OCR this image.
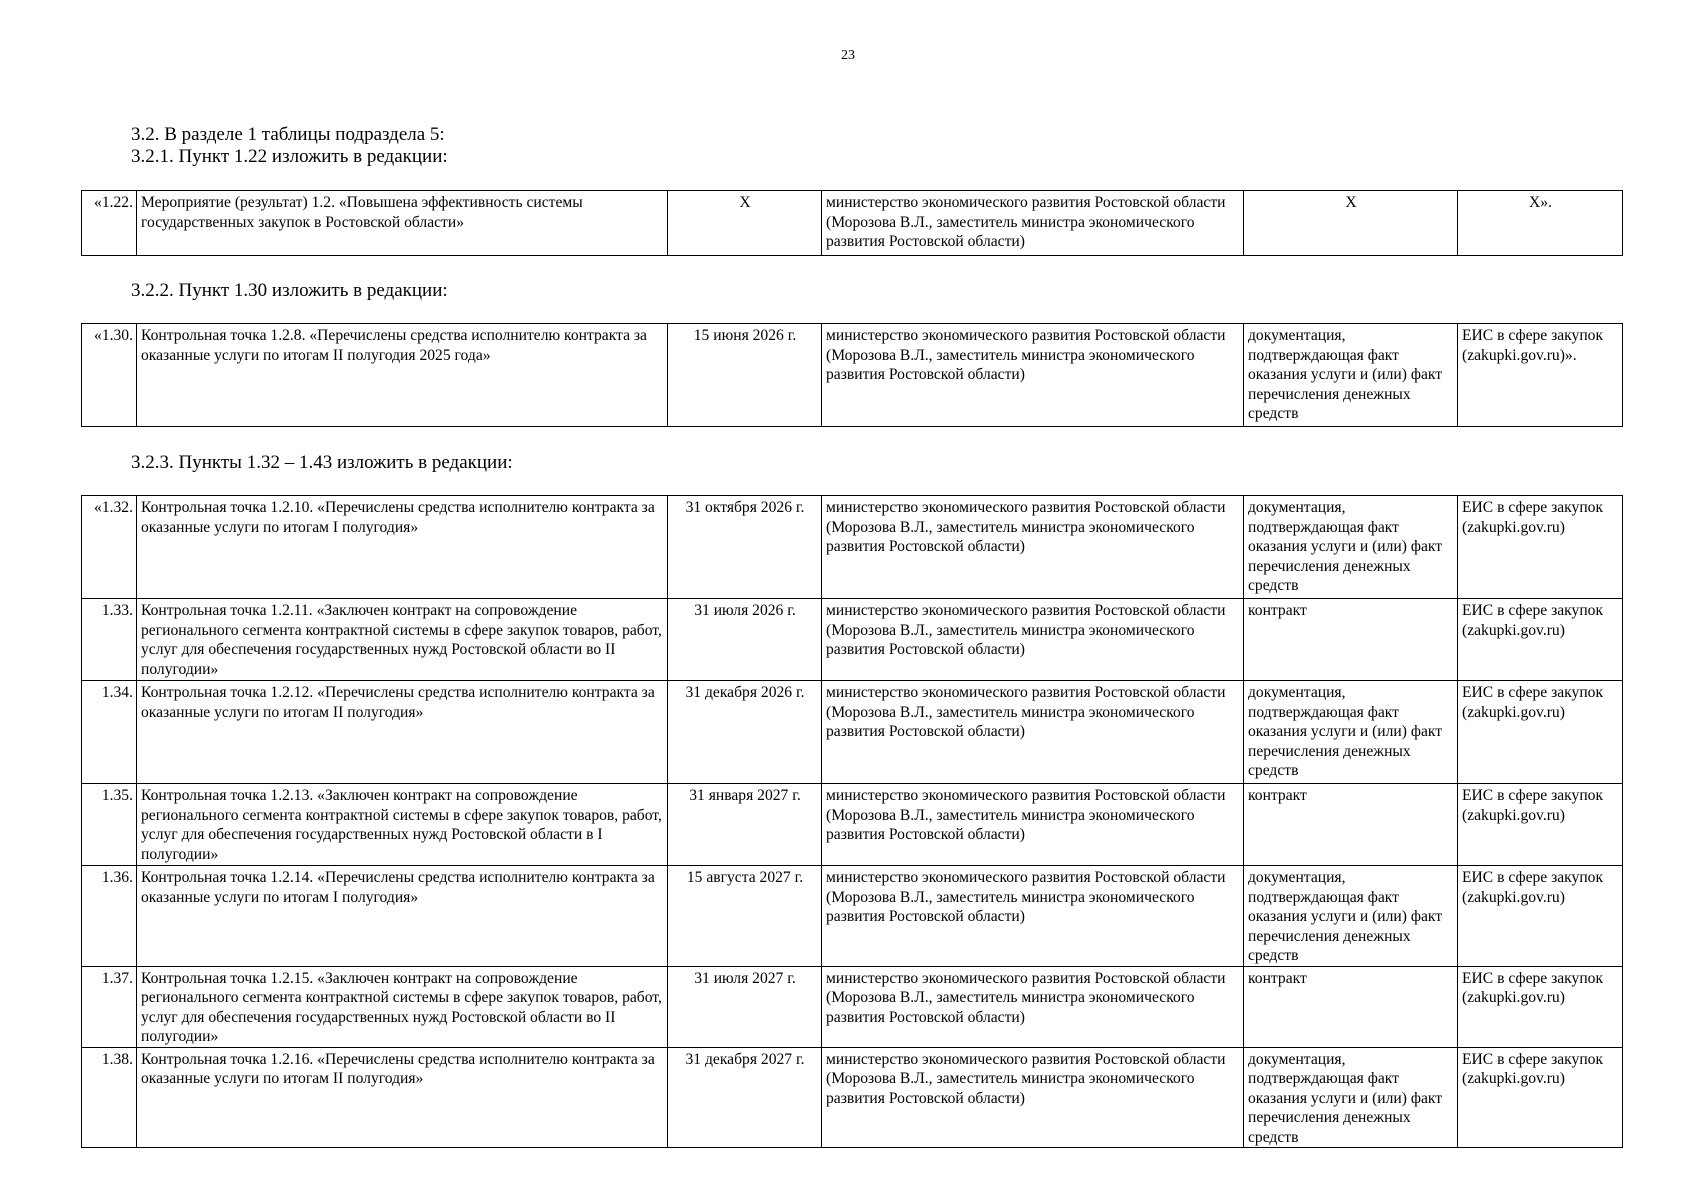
23
3.2. В разделе 1 таблицы подраздела 5:
3.2.1. Пункт 1.22 изложить в редакции:
«1.22.	Мероприятие (результат) 1.2. «Повышена эффективность системы государственных закупок в Ростовской области»	Х	министерство экономического развития Ростовской области (Морозова В.Л., заместитель министра экономического развития Ростовской области)	Х	Х».
3.2.2. Пункт 1.30 изложить в редакции:
«1.30.	Контрольная точка 1.2.8. «Перечислены средства исполнителю контракта за оказанные услуги по итогам II полугодия 2025 года»	15 июня 2026 г.	министерство экономического развития Ростовской области (Морозова В.Л., заместитель министра экономического развития Ростовской области)	документация, подтверждающая факт оказания услуги и (или) факт перечисления денежных средств	ЕИС в сфере закупок (zakupki.gov.ru)».
3.2.3. Пункты 1.32 – 1.43 изложить в редакции:
«1.32.	Контрольная точка 1.2.10. «Перечислены средства исполнителю контракта за оказанные услуги по итогам I полугодия»	31 октября 2026 г.	министерство экономического развития Ростовской области (Морозова В.Л., заместитель министра экономического развития Ростовской области)	документация, подтверждающая факт оказания услуги и (или) факт перечисления денежных средств	ЕИС в сфере закупок (zakupki.gov.ru)
1.33.	Контрольная точка 1.2.11. «Заключен контракт на сопровождение регионального сегмента контрактной системы в сфере закупок товаров, работ, услуг для обеспечения государственных нужд Ростовской области во II полугодии»	31 июля 2026 г.	министерство экономического развития Ростовской области (Морозова В.Л., заместитель министра экономического развития Ростовской области)	контракт	ЕИС в сфере закупок (zakupki.gov.ru)
1.34.	Контрольная точка 1.2.12. «Перечислены средства исполнителю контракта за оказанные услуги по итогам II полугодия»	31 декабря 2026 г.	министерство экономического развития Ростовской области (Морозова В.Л., заместитель министра экономического развития Ростовской области)	документация, подтверждающая факт оказания услуги и (или) факт перечисления денежных средств	ЕИС в сфере закупок (zakupki.gov.ru)
1.35.	Контрольная точка 1.2.13. «Заключен контракт на сопровождение регионального сегмента контрактной системы в сфере закупок товаров, работ, услуг для обеспечения государственных нужд Ростовской области в I полугодии»	31 января 2027 г.	министерство экономического развития Ростовской области (Морозова В.Л., заместитель министра экономического развития Ростовской области)	контракт	ЕИС в сфере закупок (zakupki.gov.ru)
1.36.	Контрольная точка 1.2.14. «Перечислены средства исполнителю контракта за оказанные услуги по итогам I полугодия»	15 августа 2027 г.	министерство экономического развития Ростовской области (Морозова В.Л., заместитель министра экономического развития Ростовской области)	документация, подтверждающая факт оказания услуги и (или) факт перечисления денежных средств	ЕИС в сфере закупок (zakupki.gov.ru)
1.37.	Контрольная точка 1.2.15. «Заключен контракт на сопровождение регионального сегмента контрактной системы в сфере закупок товаров, работ, услуг для обеспечения государственных нужд Ростовской области во II полугодии»	31 июля 2027 г.	министерство экономического развития Ростовской области (Морозова В.Л., заместитель министра экономического развития Ростовской области)	контракт	ЕИС в сфере закупок (zakupki.gov.ru)
1.38.	Контрольная точка 1.2.16. «Перечислены средства исполнителю контракта за оказанные услуги по итогам II полугодия»	31 декабря 2027 г.	министерство экономического развития Ростовской области (Морозова В.Л., заместитель министра экономического развития Ростовской области)	документация, подтверждающая факт оказания услуги и (или) факт перечисления денежных средств	ЕИС в сфере закупок (zakupki.gov.ru)
